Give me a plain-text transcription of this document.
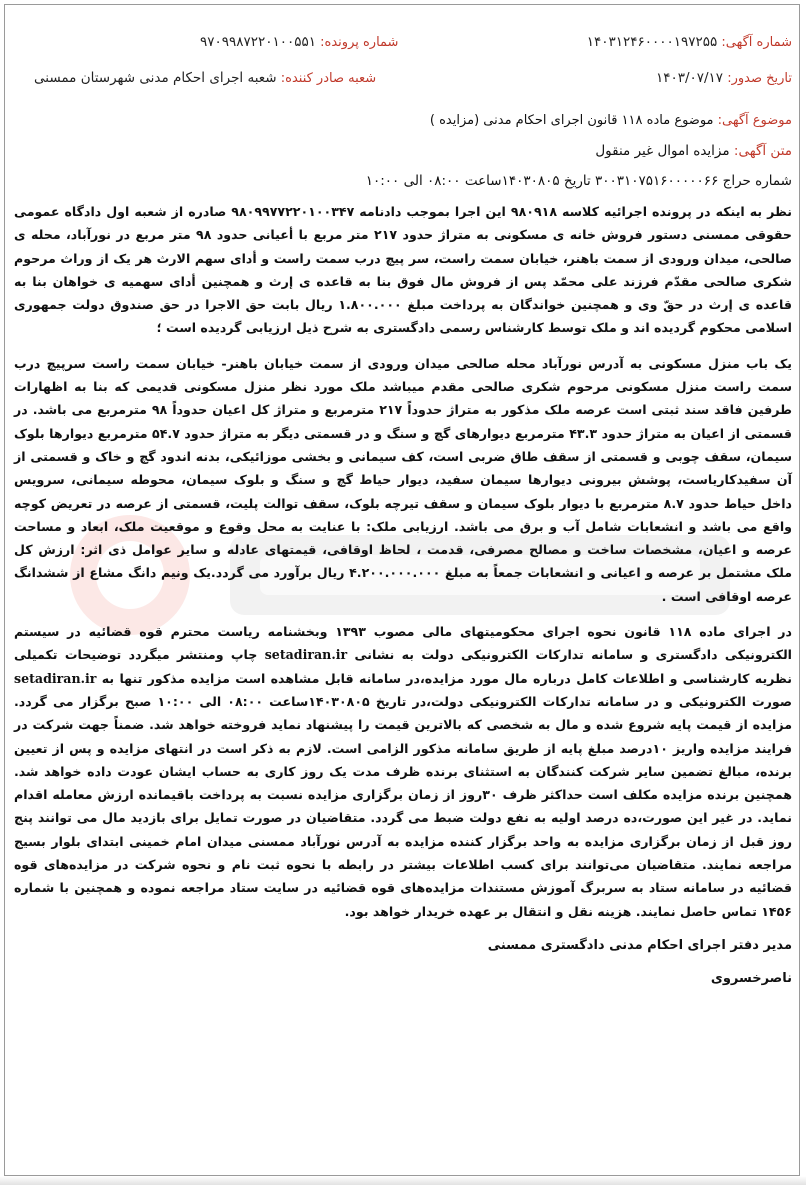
شماره آگهی: ۱۴۰۳۱۲۴۶۰۰۰۰۱۹۷۲۵۵
شماره پرونده: ۹۷۰۹۹۸۷۲۲۰۱۰۰۵۵۱
تاریخ صدور: ۱۴۰۳/۰۷/۱۷
شعبه صادر کننده: شعبه اجرای احکام مدنی شهرستان ممسنی
موضوع آگهی: موضوع ماده ۱۱۸ قانون اجرای احکام مدنی (مزایده )
متن آگهی: مزایده اموال غیر منقول
شماره حراج ۳۰۰۳۱۰۷۵۱۶۰۰۰۰۰۶۶ تاریخ ۱۴۰۳۰۸۰۵ساعت ۰۸:۰۰ الی ۱۰:۰۰
نظر به اینکه در پرونده اجرائیه کلاسه ۹۸۰۹۱۸ این اجرا بموجب دادنامه ۹۸۰۹۹۷۷۲۲۰۱۰۰۳۴۷ صادره از شعبه اول دادگاه عمومی حقوقی ممسنی دستور فروش خانه ی مسکونی به متراژ حدود ۲۱۷ متر مربع با أعیانی حدود ۹۸ متر مربع در نورآباد، محله ی صالحی، میدان ورودی از سمت باهنر، خیابان سمت راست، سر پیچ درب سمت راست و أدای سهم الارث هر یک از وراث مرحوم شکری صالحی مقدّم فرزند علی محمّد پس از فروش مال فوق بنا به قاعده ی إرث و همچنین أدای سهمیه ی خواهان بنا به قاعده ی إرث در حقّ وی و همچنین خواندگان به پرداخت مبلغ ۱.۸۰۰.۰۰۰ ریال بابت حق الاجرا در حق صندوق دولت جمهوری اسلامی محکوم گردیده اند و ملک توسط کارشناس رسمی دادگستری به شرح ذیل ارزیابی گردیده است ؛
یک باب منزل مسکونی به آدرس نورآباد محله صالحی میدان ورودی از سمت خیابان باهنر- خیابان سمت راست سرپیچ درب سمت راست منزل مسکونی مرحوم شکری صالحی مقدم میباشد ملک مورد نظر منزل مسکونی قدیمی که بنا به اظهارات طرفین فاقد سند ثبتی است عرصه ملک مذکور به متراژ حدوداً ۲۱۷ مترمربع و متراژ کل اعیان حدوداً ۹۸ مترمربع می باشد. در قسمتی از اعیان به متراژ حدود ۴۳.۳ مترمربع دیوارهای گچ و سنگ و در قسمتی دیگر به متراژ حدود ۵۴.۷ مترمربع دیوارها بلوک سیمان، سقف چوبی و قسمتی از سقف طاق ضربی است، کف سیمانی و بخشی موزائیکی، بدنه اندود گچ و خاک و قسمتی از آن سفیدکاریاست، پوشش بیرونی دیوارها سیمان سفید، دیوار حیاط گچ و سنگ و بلوک سیمان، محوطه سیمانی، سرویس داخل حیاط حدود ۸.۷ مترمربع با دیوار بلوک سیمان و سقف تیرچه بلوک، سقف توالت پلیت، قسمتی از عرصه در تعریض کوچه واقع می باشد و انشعابات شامل آب و برق می باشد. ارزیابی ملک: با عنایت به محل وقوع و موقعیت ملک، ابعاد و مساحت عرصه و اعیان، مشخصات ساخت و مصالح مصرفی، قدمت ، لحاظ اوقافی، قیمتهای عادله و سایر عوامل ذی اثر: ارزش کل ملک مشتمل بر عرصه و اعیانی و انشعابات جمعاً به مبلغ ۴.۲۰۰.۰۰۰.۰۰۰ ریال برآورد می گردد.یک ونیم دانگ مشاع از ششدانگ عرصه اوقافی است .
در اجرای ماده ۱۱۸ قانون نحوه اجرای محکومیتهای مالی مصوب ۱۳۹۳ وبخشنامه ریاست محترم قوه قضائیه در سیستم الکترونیکی دادگستری و سامانه تدارکات الکترونیکی دولت به نشانی setadiran.ir چاپ ومنتشر میگردد توضیحات تکمیلی نظریه کارشناسی و اطلاعات کامل درباره مال مورد مزایده،در سامانه قابل مشاهده است مزایده مذکور تنها به setadiran.ir صورت الکترونیکی و در سامانه تدارکات الکترونیکی دولت،در تاریخ ۱۴۰۳۰۸۰۵ساعت ۰۸:۰۰ الی ۱۰:۰۰ صبح برگزار می گردد. مزایده از قیمت پایه شروع شده و مال به شخصی که بالاترین قیمت را پیشنهاد نماید فروخته خواهد شد. ضمناً جهت شرکت در فرایند مزایده واریز ۱۰درصد مبلغ پایه از طریق سامانه مذکور الزامی است. لازم به ذکر است در انتهای مزایده و پس از تعیین برنده، مبالغ تضمین سایر شرکت کنندگان به استثنای برنده ظرف مدت یک روز کاری به حساب ایشان عودت داده خواهد شد. همچنین برنده مزایده مکلف است حداکثر ظرف ۳۰روز از زمان برگزاری مزایده نسبت به پرداخت باقیمانده ارزش معامله اقدام نماید. در غیر این صورت،ده درصد اولیه به نفع دولت ضبط می گردد. متقاضیان در صورت تمایل برای بازدید مال می توانند پنج روز قبل از زمان برگزاری مزایده به واحد برگزار کننده مزایده به آدرس نورآباد ممسنی میدان امام خمینی ابتدای بلوار بسیج مراجعه نمایند. متقاضیان می‌توانند برای کسب اطلاعات بیشتر در رابطه با نحوه ثبت نام و نحوه شرکت در مزایده‌های قوه قضائیه در سامانه ستاد به سربرگ آموزش مستندات مزایده‌های قوه قضائیه در سایت ستاد مراجعه نموده و همچنین با شماره ۱۴۵۶ تماس حاصل نمایند. هزینه نقل و انتقال بر عهده خریدار خواهد بود.
مدیر دفتر اجرای احکام مدنی دادگستری ممسنی
ناصرخسروی
